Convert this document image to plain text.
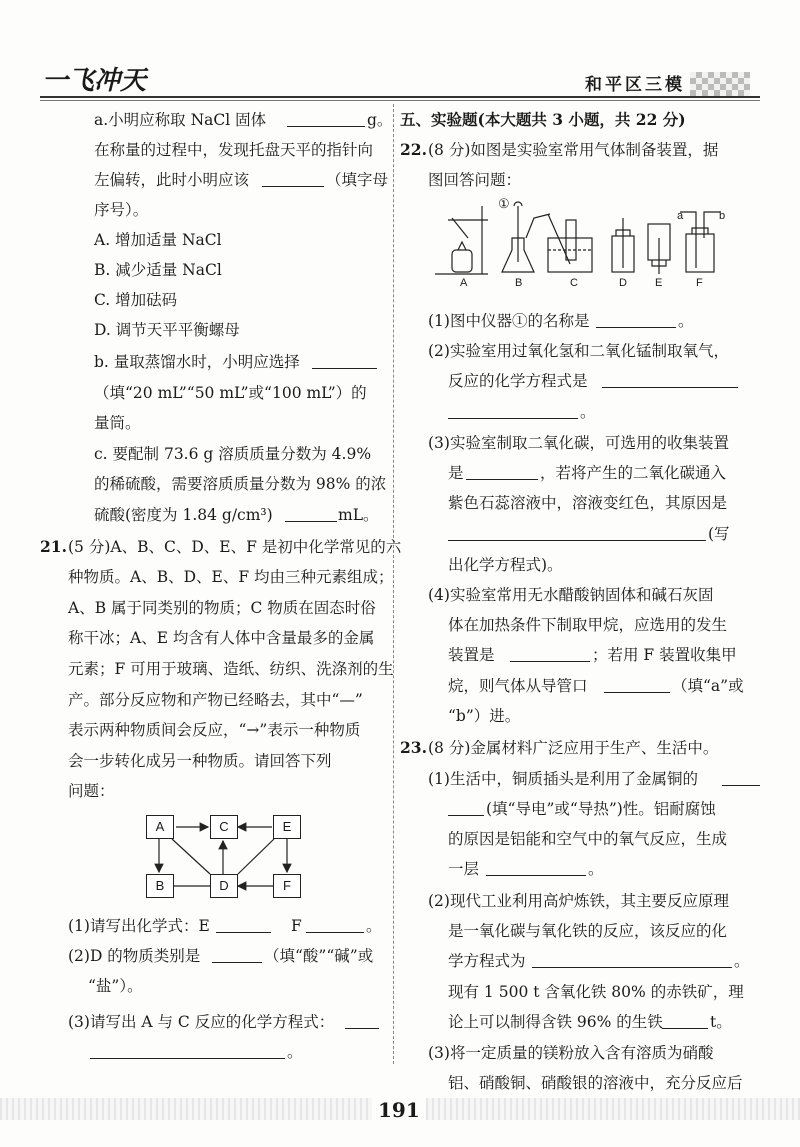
一飞冲天	和平区三模
a.小明应称取 NaCl 固体	g。
在称量的过程中，发现托盘天平的指针向
左偏转，此时小明应该	（填字母
序号）。
A. 增加适量 NaCl
B. 减少适量 NaCl
C. 增加砝码
D. 调节天平平衡螺母
b. 量取蒸馏水时，小明应选择
（填“20 mL”“50 mL”或“100 mL”）的
量筒。
c. 要配制 73.6 g 溶质质量分数为 4.9%
的稀硫酸，需要溶质质量分数为 98% 的浓
硫酸(密度为 1.84 g/cm³)	mL。
21. (5 分)A、B、C、D、E、F 是初中化学常见的六
种物质。A、B、D、E、F 均由三种元素组成；
A、B 属于同类别的物质；C 物质在固态时俗
称干冰；A、E 均含有人体中含量最多的金属
元素；F 可用于玻璃、造纸、纺织、洗涤剂的生
产。部分反应物和产物已经略去，其中“—”
表示两种物质间会反应，“→”表示一种物质
会一步转化成另一种物质。请回答下列
问题：
A	C	E
B	D	F
(1)请写出化学式：E	F	。
(2)D 的物质类别是	（填“酸”“碱”或
“盐”）。
(3)请写出 A 与 C 反应的化学方程式：
。
五、实验题(本大题共 3 小题，共 22 分)
22. (8 分)如图是实验室常用气体制备装置，据
图回答问题：
①
a	b
A	B	C	D	E	F
(1)图中仪器①的名称是	。
(2)实验室用过氧化氢和二氧化锰制取氧气，
反应的化学方程式是
。
(3)实验室制取二氧化碳，可选用的收集装置
是	，若将产生的二氧化碳通入
紫色石蕊溶液中，溶液变红色，其原因是
(写
出化学方程式)。
(4)实验室常用无水醋酸钠固体和碱石灰固
体在加热条件下制取甲烷，应选用的发生
装置是	；若用 F 装置收集甲
烷，则气体从导管口	（填“a”或
“b”）进。
23. (8 分)金属材料广泛应用于生产、生活中。
(1)生活中，铜质插头是利用了金属铜的
(填“导电”或“导热”)性。铝耐腐蚀
的原因是铝能和空气中的氧气反应，生成
一层	。
(2)现代工业利用高炉炼铁，其主要反应原理
是一氧化碳与氧化铁的反应，该反应的化
学方程式为	。
现有 1 500 t 含氧化铁 80% 的赤铁矿，理
论上可以制得含铁 96% 的生铁	t。
(3)将一定质量的镁粉放入含有溶质为硝酸
铝、硝酸铜、硝酸银的溶液中，充分反应后
191
